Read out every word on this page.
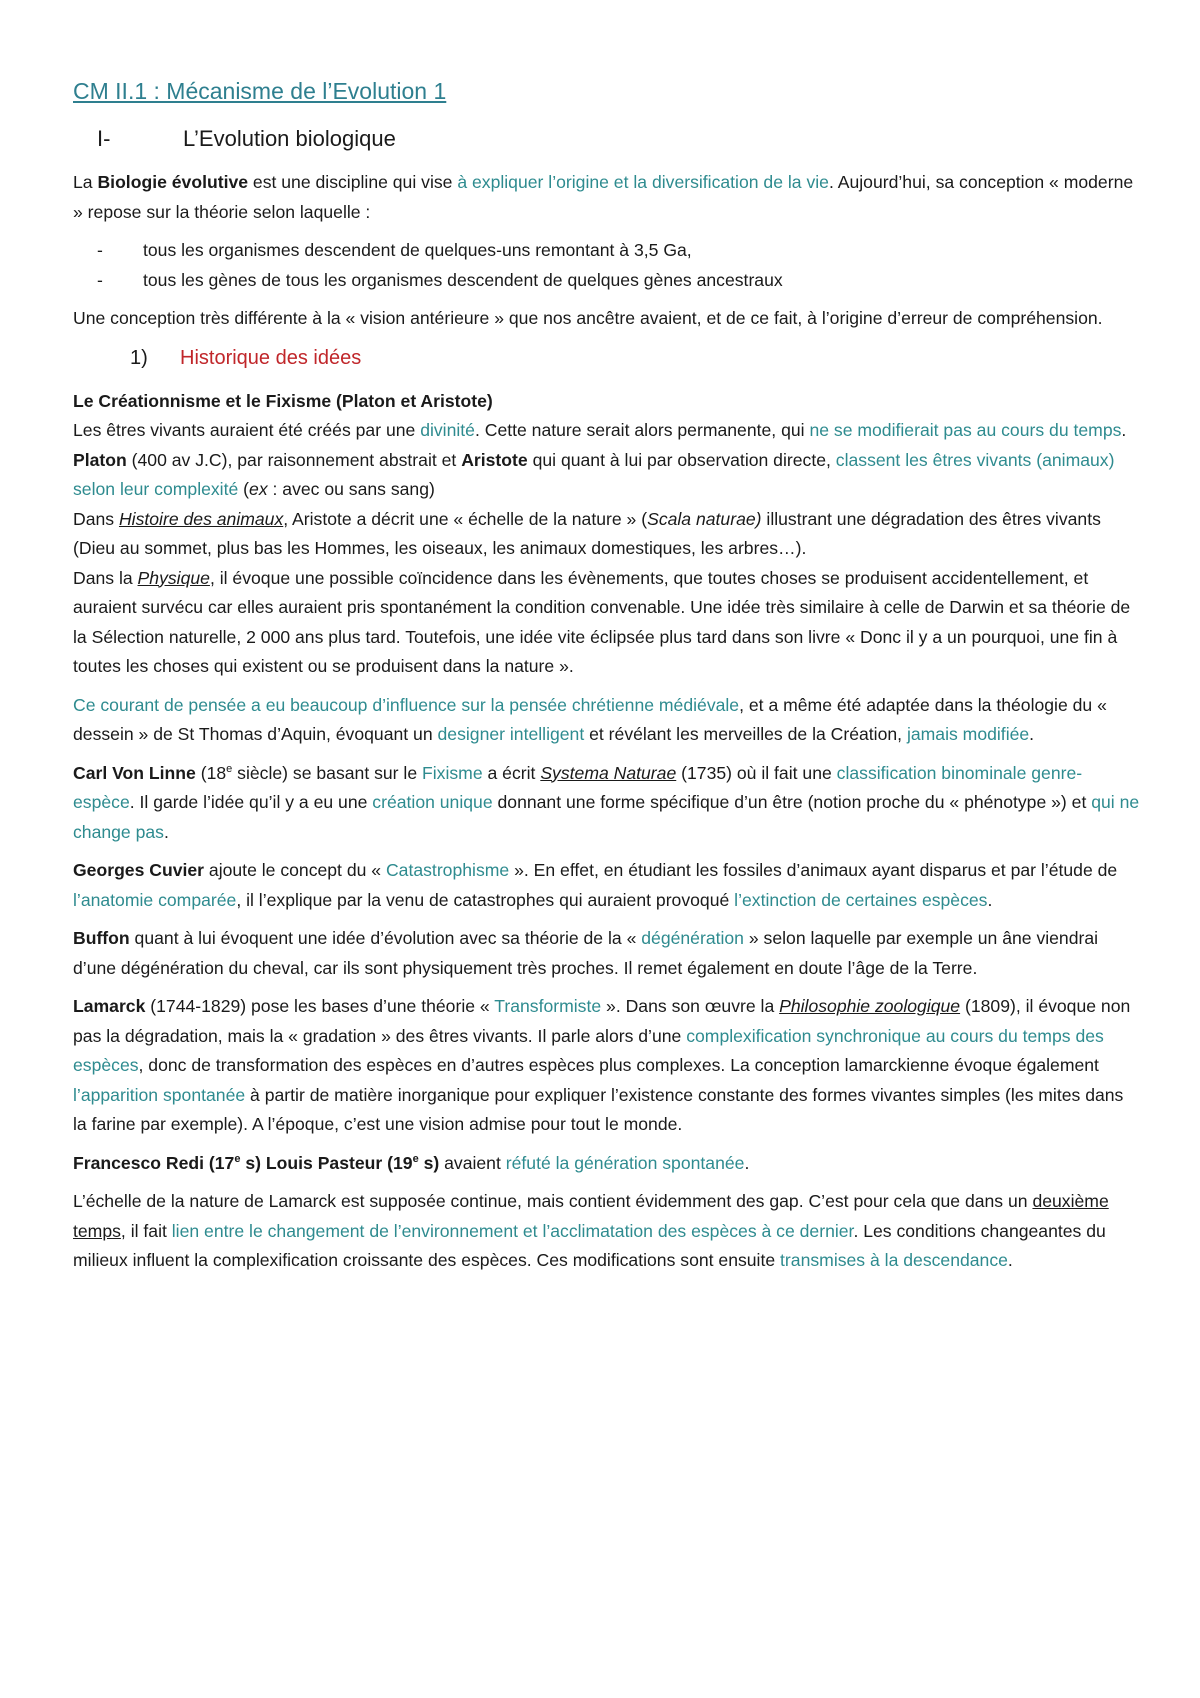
CM II.1 : Mécanisme de l’Evolution 1
I-	L’Evolution biologique

La Biologie évolutive est une discipline qui vise à expliquer l’origine et la diversification de la vie. Aujourd’hui, sa conception « moderne » repose sur la théorie selon laquelle :

-	tous les organismes descendent de quelques-uns remontant à 3,5 Ga,
-	tous les gènes de tous les organismes descendent de quelques gènes ancestraux

Une conception très différente à la « vision antérieure » que nos ancêtre avaient, et de ce fait, à l’origine d’erreur de compréhension.

1)	Historique des idées
Le Créationnisme et le Fixisme (Platon et Aristote)
Les êtres vivants auraient été créés par une divinité. Cette nature serait alors permanente, qui ne se modifierait pas au cours du temps.
Platon (400 av J.C), par raisonnement abstrait et Aristote qui quant à lui par observation directe, classent les êtres vivants (animaux) selon leur complexité (ex : avec ou sans sang)
Dans Histoire des animaux, Aristote a décrit une « échelle de la nature » (Scala naturae) illustrant une dégradation des êtres vivants (Dieu au sommet, plus bas les Hommes, les oiseaux, les animaux domestiques, les arbres…).

Dans la Physique, il évoque une possible coïncidence dans les évènements, que toutes choses se produisent accidentellement, et auraient survécu car elles auraient pris spontanément la condition convenable. Une idée très similaire à celle de Darwin et sa théorie de la Sélection naturelle, 2 000 ans plus tard. Toutefois, une idée vite éclipsée plus tard dans son livre « Donc il y a un pourquoi, une fin à toutes les choses qui existent ou se produisent dans la nature ».

Ce courant de pensée a eu beaucoup d’influence sur la pensée chrétienne médiévale, et a même été adaptée dans la théologie du « dessein » de St Thomas d’Aquin, évoquant un designer intelligent et révélant les merveilles de la Création, jamais modifiée.

Carl Von Linne (18e siècle) se basant sur le Fixisme a écrit Systema Naturae (1735) où il fait une classification binominale genre-espèce. Il garde l’idée qu’il y a eu une création unique donnant une forme spécifique d’un être (notion proche du « phénotype ») et qui ne change pas.

Georges Cuvier ajoute le concept du « Catastrophisme ». En effet, en étudiant les fossiles d’animaux ayant disparus et par l’étude de l’anatomie comparée, il l’explique par la venu de catastrophes qui auraient provoqué l’extinction de certaines espèces.

Buffon quant à lui évoquent une idée d’évolution avec sa théorie de la « dégénération » selon laquelle par exemple un âne viendrai d’une dégénération du cheval, car ils sont physiquement très proches. Il remet également en doute l’âge de la Terre.

Lamarck (1744-1829) pose les bases d’une théorie « Transformiste ». Dans son œuvre la Philosophie zoologique (1809), il évoque non pas la dégradation, mais la « gradation » des êtres vivants. Il parle alors d’une complexification synchronique au cours du temps des espèces, donc de transformation des espèces en d’autres espèces plus complexes. La conception lamarckienne évoque également l’apparition spontanée à partir de matière inorganique pour expliquer l’existence constante des formes vivantes simples (les mites dans la farine par exemple). A l’époque, c’est une vision admise pour tout le monde.

Francesco Redi (17e s) Louis Pasteur (19e s) avaient réfuté la génération spontanée.

L’échelle de la nature de Lamarck est supposée continue, mais contient évidemment des gap. C’est pour cela que dans un deuxième temps, il fait lien entre le changement de l’environnement et l’acclimatation des espèces à ce dernier. Les conditions changeantes du milieux influent la complexification croissante des espèces. Ces modifications sont ensuite transmises à la descendance.
